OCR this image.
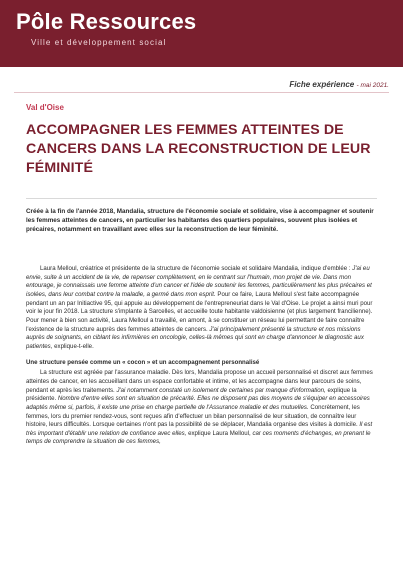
Pôle Ressources
Ville et développement social
Fiche expérience - mai 2021.
Val d'Oise
ACCOMPAGNER LES FEMMES ATTEINTES DE CANCERS DANS LA RECONSTRUCTION DE LEUR FÉMINITÉ
Créée à la fin de l'année 2018, Mandalia, structure de l'économie sociale et solidaire, vise à accompagner et soutenir les femmes atteintes de cancers, en particulier les habitantes des quartiers populaires, souvent plus isolées et précaires, notamment en travaillant avec elles sur la reconstruction de leur féminité.

Laura Melloul, créatrice et présidente de la structure de l'économie sociale et solidaire Mandalia, indique d'emblée : J'ai eu envie, suite à un accident de la vie, de repenser complètement, en le centrant sur l'humain, mon projet de vie. Dans mon entourage, je connaissais une femme atteinte d'un cancer et l'idée de soutenir les femmes, particulièrement les plus précaires et isolées, dans leur combat contre la maladie, a germé dans mon esprit. Pour ce faire, Laura Melloul s'est faite accompagnée pendant un an par Initiactive 95, qui appuie au développement de l'entrepreneuriat dans le Val d'Oise. Le projet a ainsi muri pour voir le jour fin 2018. La structure s'implante à Sarcelles, et accueille toute habitante valdoisienne (et plus largement francilienne). Pour mener à bien son activité, Laura Melloul a travaillé, en amont, à se constituer un réseau lui permettant de faire connaître l'existence de la structure auprès des femmes atteintes de cancers. J'ai principalement présenté la structure et nos missions auprès de soignants, en ciblant les infirmières en oncologie, celles-là mêmes qui sont en charge d'annoncer le diagnostic aux patientes, explique-t-elle.

Une structure pensée comme un « cocon » et un accompagnement personnalisé

La structure est agréée par l'assurance maladie. Dès lors, Mandalia propose un accueil personnalisé et discret aux femmes atteintes de cancer, en les accueillant dans un espace confortable et intime, et les accompagne dans leur parcours de soins, pendant et après les traitements. J'ai notamment constaté un isolement de certaines par manque d'information, explique la présidente. Nombre d'entre elles sont en situation de précarité. Elles ne disposent pas des moyens de s'équiper en accessoires adaptés même si, parfois, il existe une prise en charge partielle de l'Assurance maladie et des mutuelles. Concrètement, les femmes, lors du premier rendez-vous, sont reçues afin d'effectuer un bilan personnalisé de leur situation, de connaître leur histoire, leurs difficultés. Lorsque certaines n'ont pas la possibilité de se déplacer, Mandalia organise des visites à domicile. Il est très important d'établir une relation de confiance avec elles, explique Laura Melloul, car ces moments d'échanges, en prenant le temps de comprendre la situation de ces femmes,
